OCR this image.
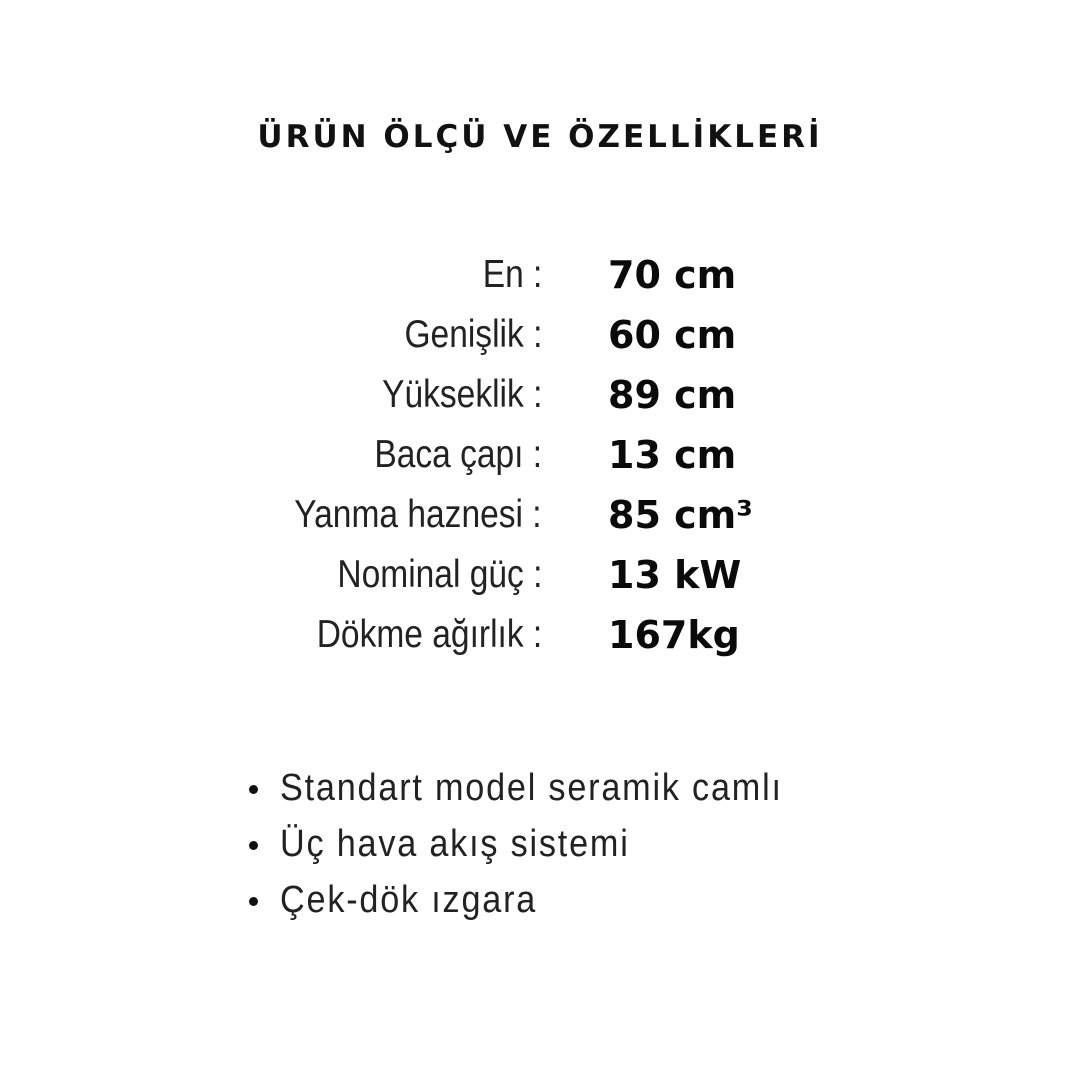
ÜRÜN ÖLÇÜ VE ÖZELLİKLERİ
En : 70 cm
Genişlik : 60 cm
Yükseklik : 89 cm
Baca çapı : 13 cm
Yanma haznesi : 85 cm³
Nominal güç : 13 kW
Dökme ağırlık : 167kg
Standart model seramik camlı
Üç hava akış sistemi
Çek-dök ızgara
